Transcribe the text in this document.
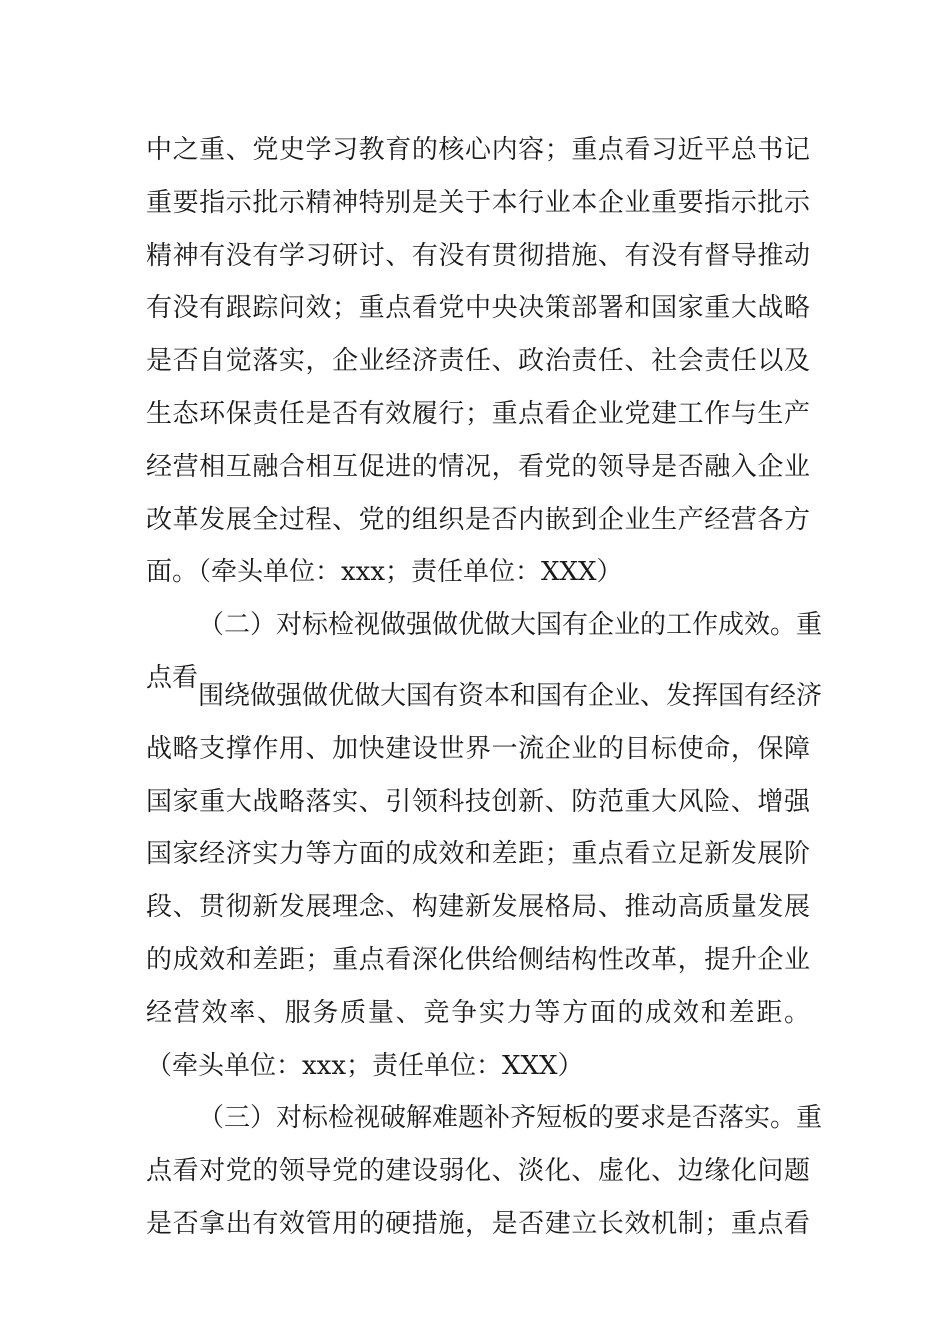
中之重、党史学习教育的核心内容；重点看习近平总书记
重要指示批示精神特别是关于本行业本企业重要指示批示
精神有没有学习研讨、有没有贯彻措施、有没有督导推动
有没有跟踪问效；重点看党中央决策部署和国家重大战略
是否自觉落实，企业经济责任、政治责任、社会责任以及
生态环保责任是否有效履行；重点看企业党建工作与生产
经营相互融合相互促进的情况，看党的领导是否融入企业
改革发展全过程、党的组织是否内嵌到企业生产经营各方
面。（牵头单位：xxx；责任单位：XXX）
（二）对标检视做强做优做大国有企业的工作成效。重
点看
围绕做强做优做大国有资本和国有企业、发挥国有经济
战略支撑作用、加快建设世界一流企业的目标使命，保障
国家重大战略落实、引领科技创新、防范重大风险、增强
国家经济实力等方面的成效和差距；重点看立足新发展阶
段、贯彻新发展理念、构建新发展格局、推动高质量发展
的成效和差距；重点看深化供给侧结构性改革，提升企业
经营效率、服务质量、竞争实力等方面的成效和差距。
（牵头单位：xxx；责任单位：XXX）
（三）对标检视破解难题补齐短板的要求是否落实。重
点看对党的领导党的建设弱化、淡化、虚化、边缘化问题
是否拿出有效管用的硬措施，是否建立长效机制；重点看
